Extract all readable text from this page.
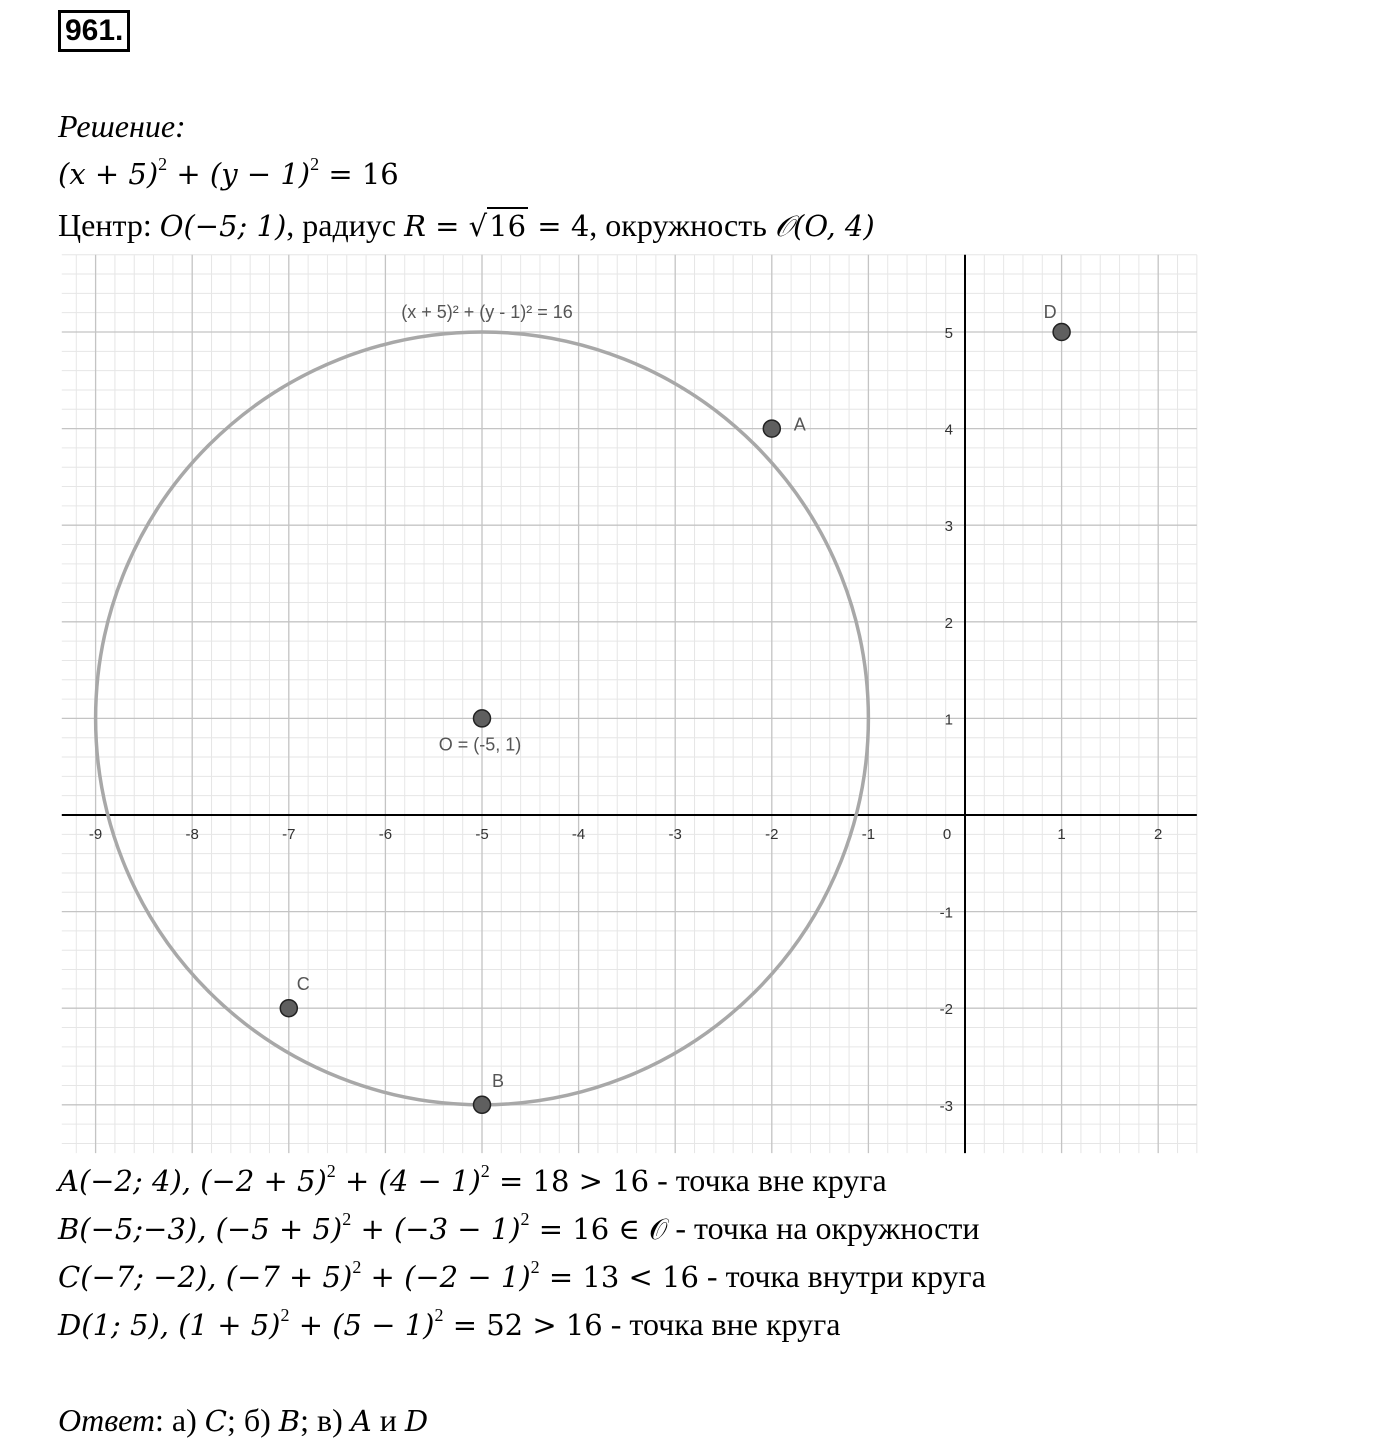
961.
Решение:
$(x + 5)^2 + (y - 1)^2 = 16$
Центр: O(−5; 1), радиус R = √16 = 4, окружность 𝒪(O, 4)
-9	-8	-7	-6	-5	-4	-3	-2	-1	0	1	2
-3
-2
-1
1
2
3
4
5
(x + 5)² + (y - 1)² = 16
O = (-5, 1)
A
B
C
D
A(−2; 4), $(-2 + 5)^2 + (4 - 1)^2 = 18 > 16$ - точка вне круга
B(−5;−3), $(-5 + 5)^2 + (-3 - 1)^2 = 16$ ∈ 𝒪 - точка на окружности
C(−7; −2), $(-7 + 5)^2 + (-2 - 1)^2 = 13 < 16$ - точка внутри круга
D(1; 5), $(1 + 5)^2 + (5 - 1)^2 = 52 > 16$ - точка вне круга
Ответ: а) C; б) B; в) A и D
